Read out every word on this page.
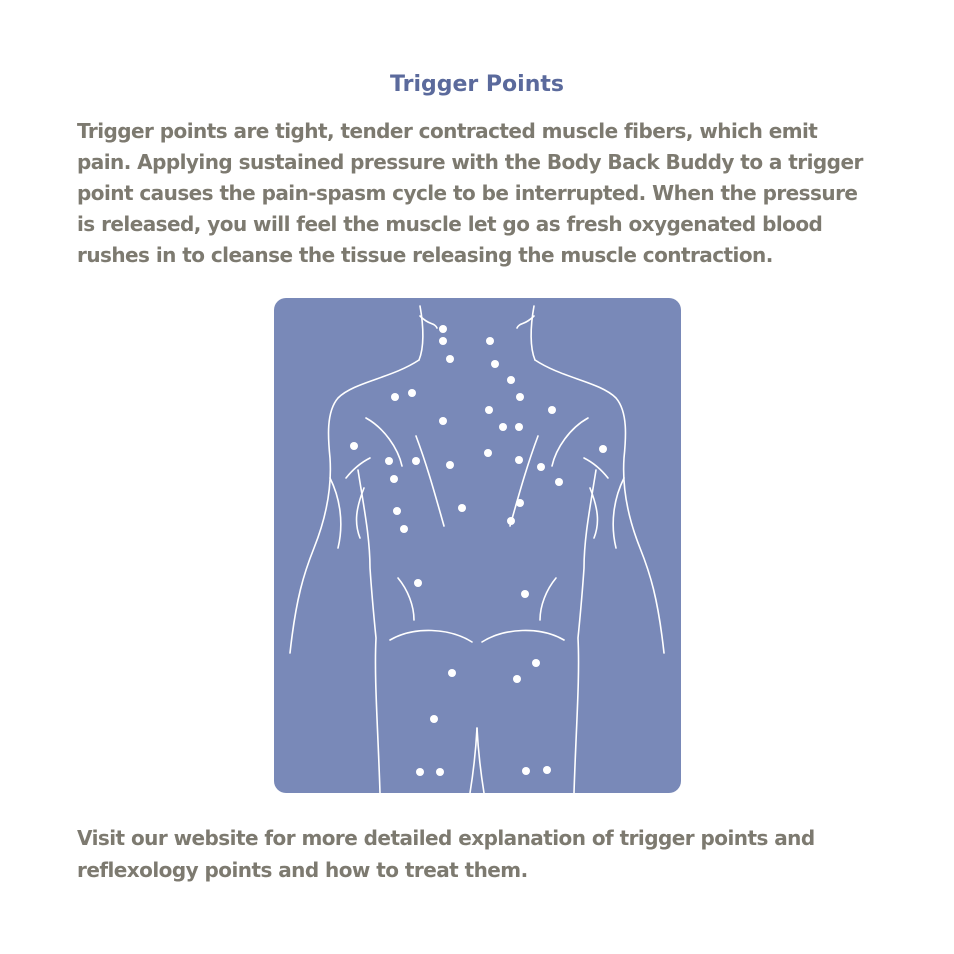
Trigger Points

Trigger points are tight, tender contracted muscle fibers, which emit
pain. Applying sustained pressure with the Body Back Buddy to a trigger
point causes the pain-spasm cycle to be interrupted. When the pressure
is released, you will feel the muscle let go as fresh oxygenated blood
rushes in to cleanse the tissue releasing the muscle contraction.

Visit our website for more detailed explanation of trigger points and
reflexology points and how to treat them.
